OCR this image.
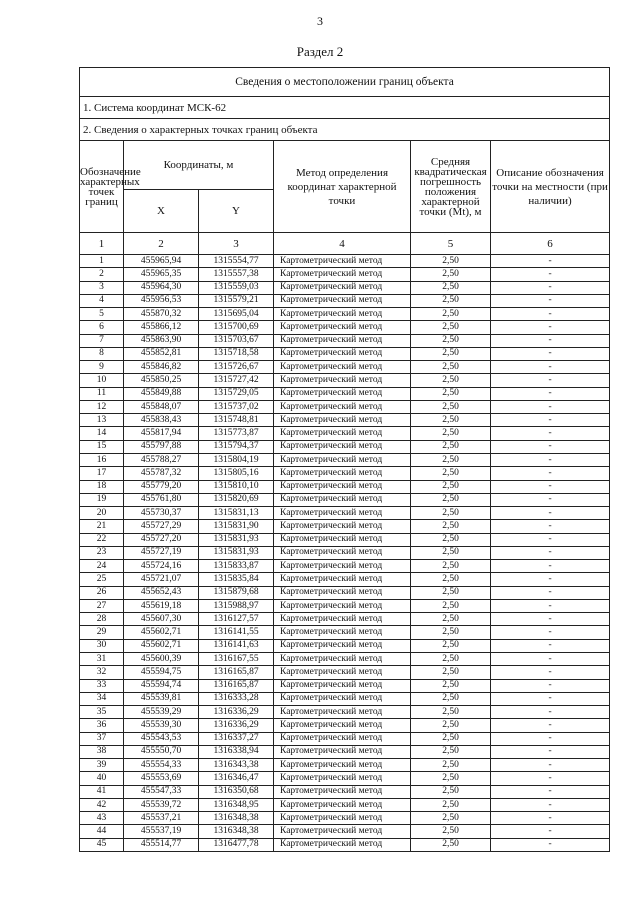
3
Раздел 2
Сведения о местоположении границ объекта					
1. Система координат МСК-62					
2. Сведения о характерных точках границ объекта					
Обозначение характерных точек границ	Координаты, м		Метод определения координат характерной точки	Средняя квадратическая погрешность положения характерной точки (Мt), м	Описание обозначения точки на местности (при наличии)
	X	Y			
1	2	3	4	5	6
1	455965,94	1315554,77	Картометрический метод	2,50	-
2	455965,35	1315557,38	Картометрический метод	2,50	-
3	455964,30	1315559,03	Картометрический метод	2,50	-
4	455956,53	1315579,21	Картометрический метод	2,50	-
5	455870,32	1315695,04	Картометрический метод	2,50	-
6	455866,12	1315700,69	Картометрический метод	2,50	-
7	455863,90	1315703,67	Картометрический метод	2,50	-
8	455852,81	1315718,58	Картометрический метод	2,50	-
9	455846,82	1315726,67	Картометрический метод	2,50	-
10	455850,25	1315727,42	Картометрический метод	2,50	-
11	455849,88	1315729,05	Картометрический метод	2,50	-
12	455848,07	1315737,02	Картометрический метод	2,50	-
13	455838,43	1315748,81	Картометрический метод	2,50	-
14	455817,94	1315773,87	Картометрический метод	2,50	-
15	455797,88	1315794,37	Картометрический метод	2,50	-
16	455788,27	1315804,19	Картометрический метод	2,50	-
17	455787,32	1315805,16	Картометрический метод	2,50	-
18	455779,20	1315810,10	Картометрический метод	2,50	-
19	455761,80	1315820,69	Картометрический метод	2,50	-
20	455730,37	1315831,13	Картометрический метод	2,50	-
21	455727,29	1315831,90	Картометрический метод	2,50	-
22	455727,20	1315831,93	Картометрический метод	2,50	-
23	455727,19	1315831,93	Картометрический метод	2,50	-
24	455724,16	1315833,87	Картометрический метод	2,50	-
25	455721,07	1315835,84	Картометрический метод	2,50	-
26	455652,43	1315879,68	Картометрический метод	2,50	-
27	455619,18	1315988,97	Картометрический метод	2,50	-
28	455607,30	1316127,57	Картометрический метод	2,50	-
29	455602,71	1316141,55	Картометрический метод	2,50	-
30	455602,71	1316141,63	Картометрический метод	2,50	-
31	455600,39	1316167,55	Картометрический метод	2,50	-
32	455594,75	1316165,87	Картометрический метод	2,50	-
33	455594,74	1316165,87	Картометрический метод	2,50	-
34	455539,81	1316333,28	Картометрический метод	2,50	-
35	455539,29	1316336,29	Картометрический метод	2,50	-
36	455539,30	1316336,29	Картометрический метод	2,50	-
37	455543,53	1316337,27	Картометрический метод	2,50	-
38	455550,70	1316338,94	Картометрический метод	2,50	-
39	455554,33	1316343,38	Картометрический метод	2,50	-
40	455553,69	1316346,47	Картометрический метод	2,50	-
41	455547,33	1316350,68	Картометрический метод	2,50	-
42	455539,72	1316348,95	Картометрический метод	2,50	-
43	455537,21	1316348,38	Картометрический метод	2,50	-
44	455537,19	1316348,38	Картометрический метод	2,50	-
45	455514,77	1316477,78	Картометрический метод	2,50	-
